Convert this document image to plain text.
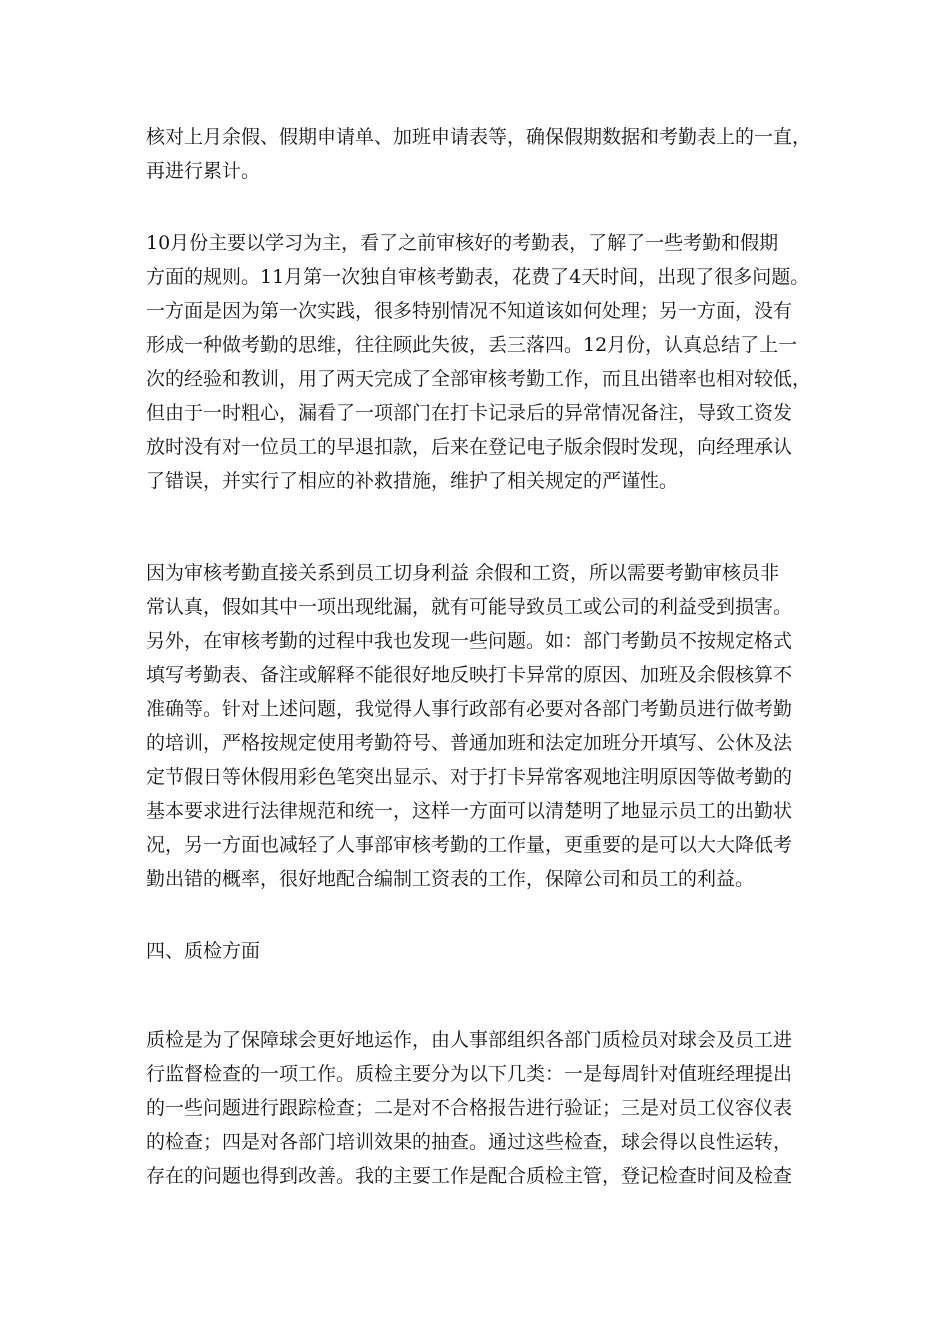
核对上月余假、假期申请单、加班申请表等，确保假期数据和考勤表上的一直，
再进行累计。
10月份主要以学习为主，看了之前审核好的考勤表，了解了一些考勤和假期
方面的规则。11月第一次独自审核考勤表，花费了4天时间，出现了很多问题。
一方面是因为第一次实践，很多特别情况不知道该如何处理；另一方面，没有
形成一种做考勤的思维，往往顾此失彼，丢三落四。12月份，认真总结了上一
次的经验和教训，用了两天完成了全部审核考勤工作，而且出错率也相对较低，
但由于一时粗心，漏看了一项部门在打卡记录后的异常情况备注，导致工资发
放时没有对一位员工的早退扣款，后来在登记电子版余假时发现，向经理承认
了错误，并实行了相应的补救措施，维护了相关规定的严谨性。
因为审核考勤直接关系到员工切身利益 余假和工资，所以需要考勤审核员非
常认真，假如其中一项出现纰漏，就有可能导致员工或公司的利益受到损害。
另外，在审核考勤的过程中我也发现一些问题。如：部门考勤员不按规定格式
填写考勤表、备注或解释不能很好地反映打卡异常的原因、加班及余假核算不
准确等。针对上述问题，我觉得人事行政部有必要对各部门考勤员进行做考勤
的培训，严格按规定使用考勤符号、普通加班和法定加班分开填写、公休及法
定节假日等休假用彩色笔突出显示、对于打卡异常客观地注明原因等做考勤的
基本要求进行法律规范和统一，这样一方面可以清楚明了地显示员工的出勤状
况，另一方面也减轻了人事部审核考勤的工作量，更重要的是可以大大降低考
勤出错的概率，很好地配合编制工资表的工作，保障公司和员工的利益。
四、质检方面
质检是为了保障球会更好地运作，由人事部组织各部门质检员对球会及员工进
行监督检查的一项工作。质检主要分为以下几类：一是每周针对值班经理提出
的一些问题进行跟踪检查；二是对不合格报告进行验证；三是对员工仪容仪表
的检查；四是对各部门培训效果的抽查。通过这些检查，球会得以良性运转，
存在的问题也得到改善。我的主要工作是配合质检主管，登记检查时间及检查
